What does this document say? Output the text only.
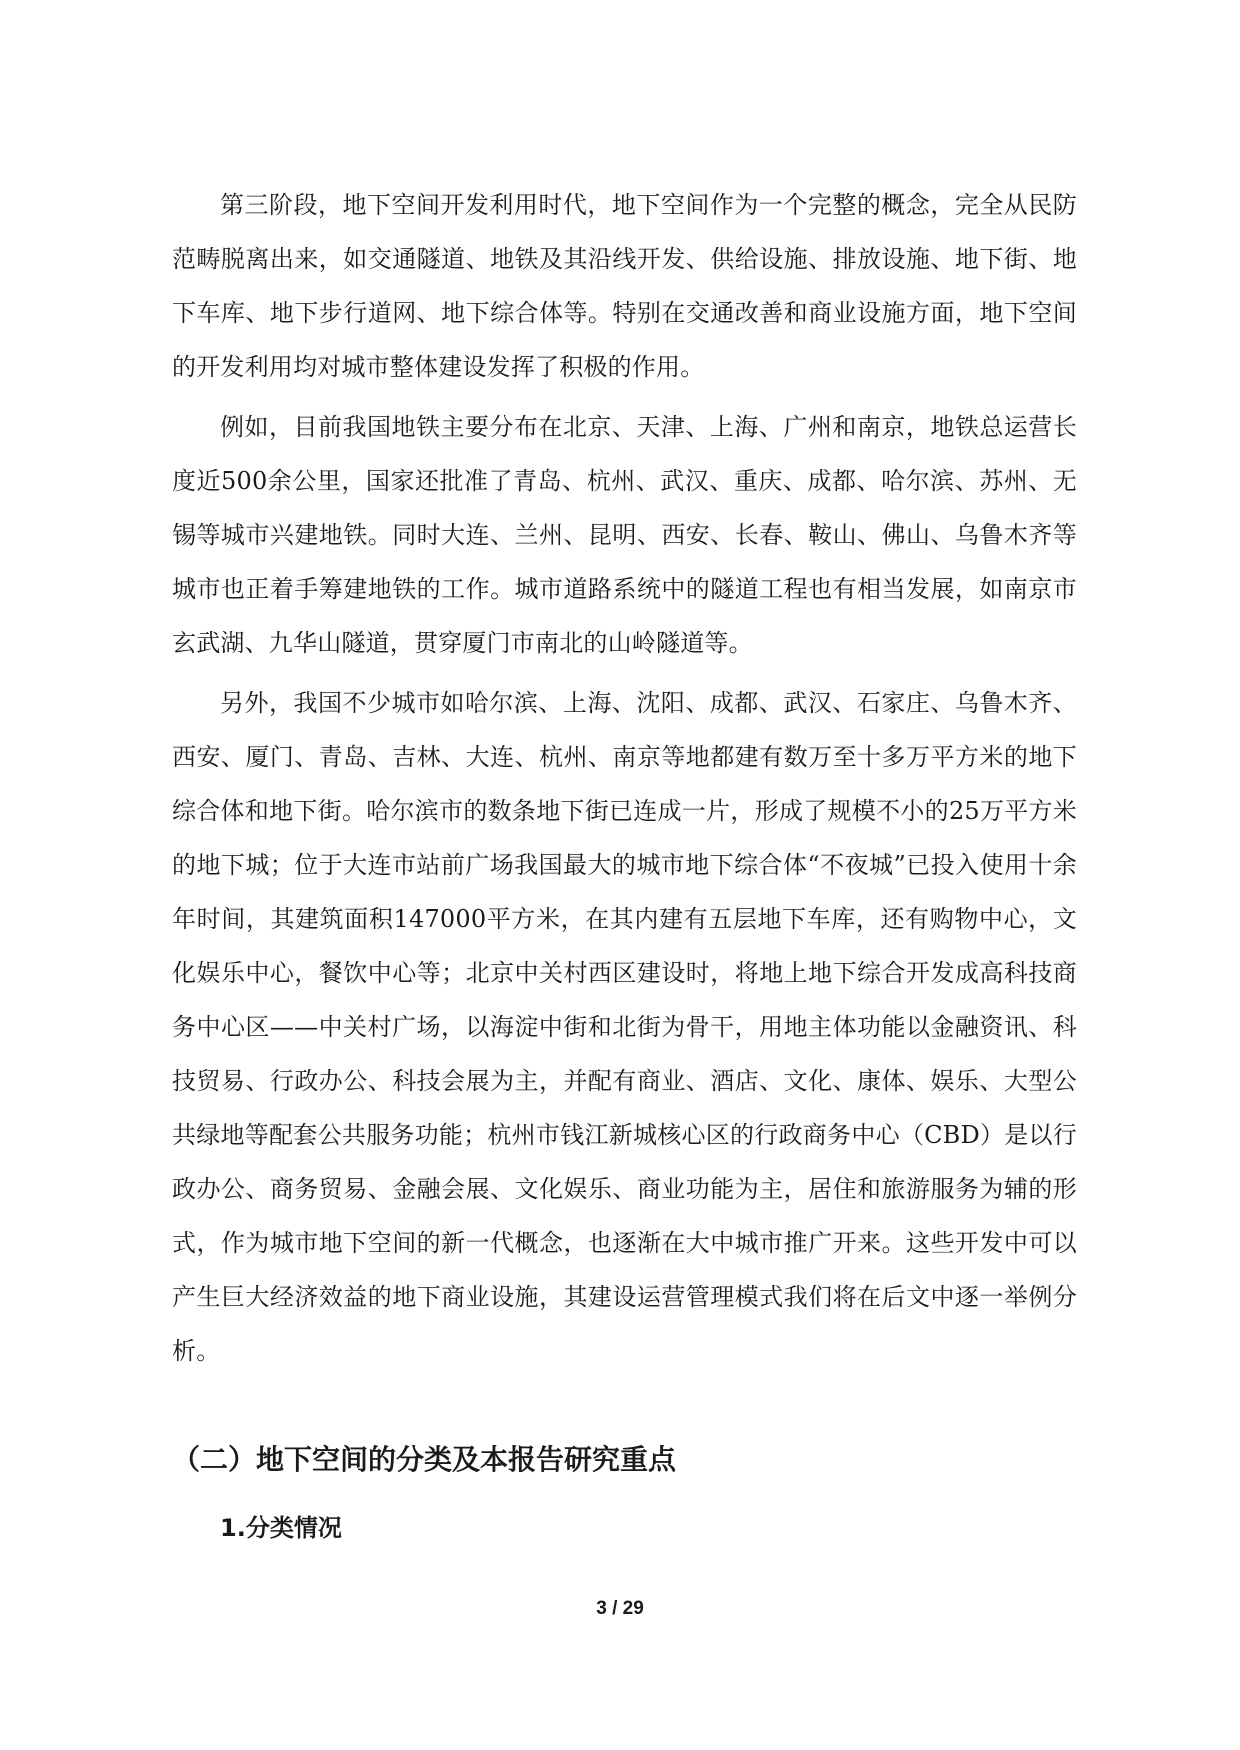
第三阶段，地下空间开发利用时代，地下空间作为一个完整的概念，完全从民防范畴脱离出来，如交通隧道、地铁及其沿线开发、供给设施、排放设施、地下街、地下车库、地下步行道网、地下综合体等。特别在交通改善和商业设施方面，地下空间的开发利用均对城市整体建设发挥了积极的作用。

例如，目前我国地铁主要分布在北京、天津、上海、广州和南京，地铁总运营长度近500余公里，国家还批准了青岛、杭州、武汉、重庆、成都、哈尔滨、苏州、无锡等城市兴建地铁。同时大连、兰州、昆明、西安、长春、鞍山、佛山、乌鲁木齐等城市也正着手筹建地铁的工作。城市道路系统中的隧道工程也有相当发展，如南京市玄武湖、九华山隧道，贯穿厦门市南北的山岭隧道等。

另外，我国不少城市如哈尔滨、上海、沈阳、成都、武汉、石家庄、乌鲁木齐、西安、厦门、青岛、吉林、大连、杭州、南京等地都建有数万至十多万平方米的地下综合体和地下街。哈尔滨市的数条地下街已连成一片，形成了规模不小的25万平方米的地下城；位于大连市站前广场我国最大的城市地下综合体“不夜城”已投入使用十余年时间，其建筑面积147000平方米，在其内建有五层地下车库，还有购物中心，文化娱乐中心，餐饮中心等；北京中关村西区建设时，将地上地下综合开发成高科技商务中心区——中关村广场，以海淀中街和北街为骨干，用地主体功能以金融资讯、科技贸易、行政办公、科技会展为主，并配有商业、酒店、文化、康体、娱乐、大型公共绿地等配套公共服务功能；杭州市钱江新城核心区的行政商务中心（CBD）是以行政办公、商务贸易、金融会展、文化娱乐、商业功能为主，居住和旅游服务为辅的形式，作为城市地下空间的新一代概念，也逐渐在大中城市推广开来。这些开发中可以产生巨大经济效益的地下商业设施，其建设运营管理模式我们将在后文中逐一举例分析。

（二）地下空间的分类及本报告研究重点
1.分类情况
3 / 29
